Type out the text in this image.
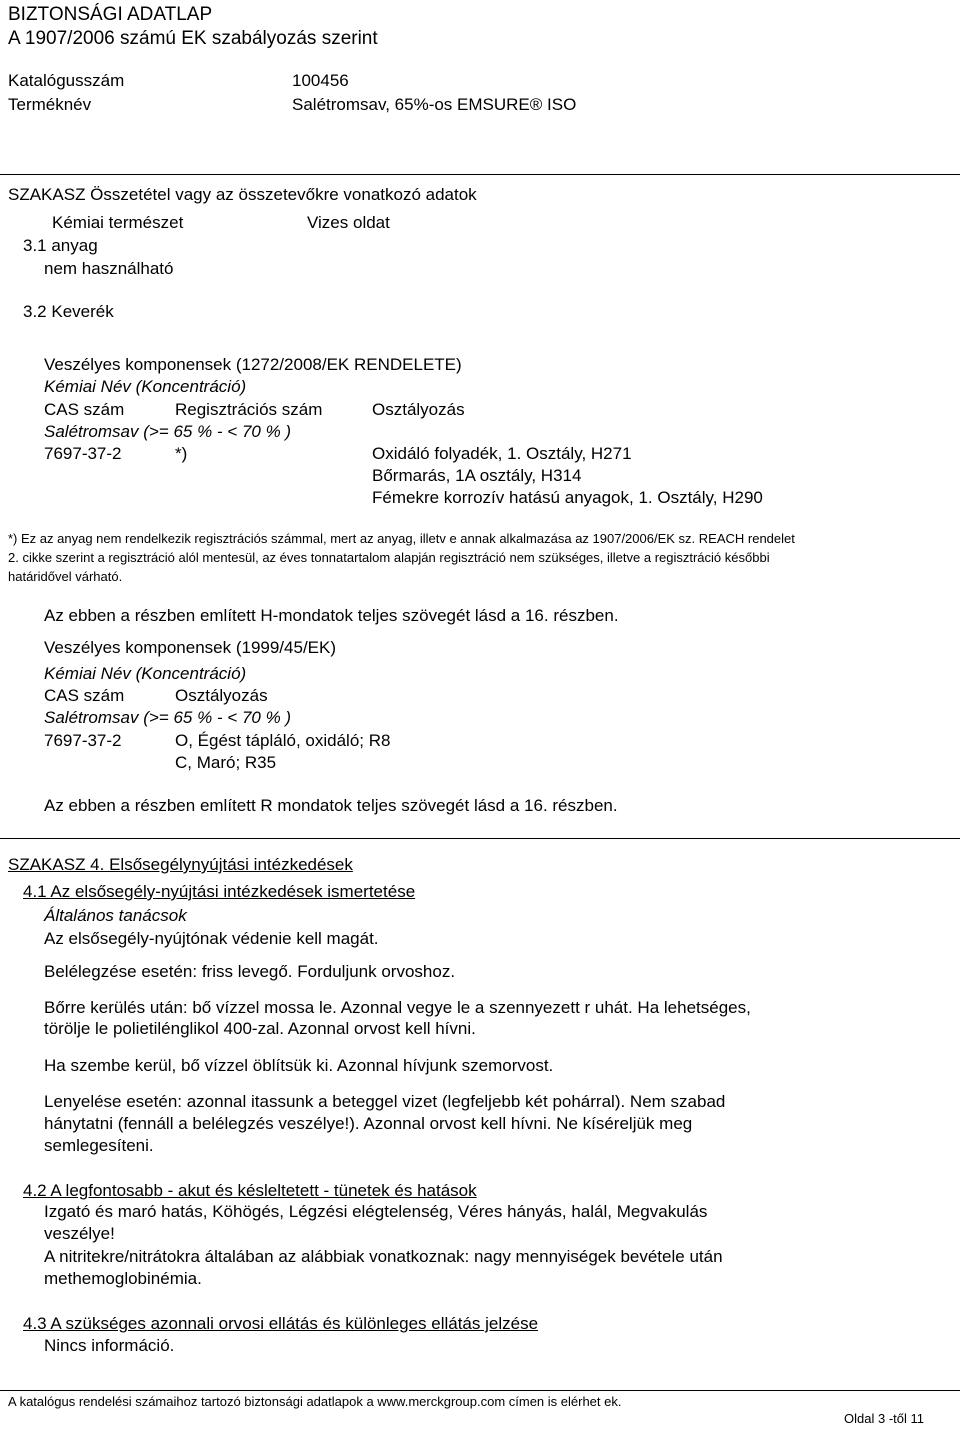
BIZTONSÁGI ADATLAP
A 1907/2006 számú EK szabályozás szerint
Katalógusszám	100456
Terméknév	Salétromsav, 65%-os EMSURE® ISO
SZAKASZ Összetétel vagy az összetevőkre vonatkozó adatok
Kémiai természet	Vizes oldat
3.1 anyag
nem használható
3.2 Keverék
Veszélyes komponensek (1272/2008/EK RENDELETE)
Kémiai Név (Koncentráció)
CAS szám	Regisztrációs szám	Osztályozás
Salétromsav (>= 65 % - < 70 % )
7697-37-2	*)	Oxidáló folyadék, 1. Osztály, H271
Bőrmarás, 1A osztály, H314
Fémekre korrozív hatású anyagok, 1. Osztály, H290
*) Ez az anyag nem rendelkezik regisztrációs számmal, mert az anyag, illetv e annak alkalmazása az 1907/2006/EK sz. REACH rendelet
2. cikke szerint a regisztráció alól mentesül, az éves tonnatartalom alapján regisztráció nem szükséges, illetve a regisztráció későbbi
határidővel várható.
Az ebben a részben említett H-mondatok teljes szövegét lásd a 16. részben.
Veszélyes komponensek (1999/45/EK)
Kémiai Név (Koncentráció)
CAS szám	Osztályozás
Salétromsav (>= 65 % - < 70 % )
7697-37-2	O, Égést tápláló, oxidáló; R8
C, Maró; R35
Az ebben a részben említett R mondatok teljes szövegét lásd a 16. részben.
SZAKASZ 4. Elsősegélynyújtási intézkedések
4.1 Az elsősegély-nyújtási intézkedések ismertetése
Általános tanácsok
Az elsősegély-nyújtónak védenie kell magát.
Belélegzése esetén: friss levegő. Forduljunk orvoshoz.
Bőrre kerülés után: bő vízzel mossa le. Azonnal vegye le a szennyezett r uhát. Ha lehetséges,
törölje le polietilénglikol 400-zal. Azonnal orvost kell hívni.
Ha szembe kerül, bő vízzel öblítsük ki. Azonnal hívjunk szemorvost.
Lenyelése esetén: azonnal itassunk a beteggel vizet (legfeljebb két pohárral). Nem szabad
hánytatni (fennáll a belélegzés veszélye!). Azonnal orvost kell hívni. Ne kíséreljük meg
semlegesíteni.
4.2 A legfontosabb - akut és késleltetett - tünetek és hatások
Izgató és maró hatás, Köhögés, Légzési elégtelenség, Véres hányás, halál, Megvakulás
veszélye!
A nitritekre/nitrátokra általában az alábbiak vonatkoznak: nagy mennyiségek bevétele után
methemoglobinémia.
4.3 A szükséges azonnali orvosi ellátás és különleges ellátás jelzése
Nincs információ.
A katalógus rendelési számaihoz tartozó biztonsági adatlapok a www.merckgroup.com címen is elérhet ek.
Oldal 3 -től 11
